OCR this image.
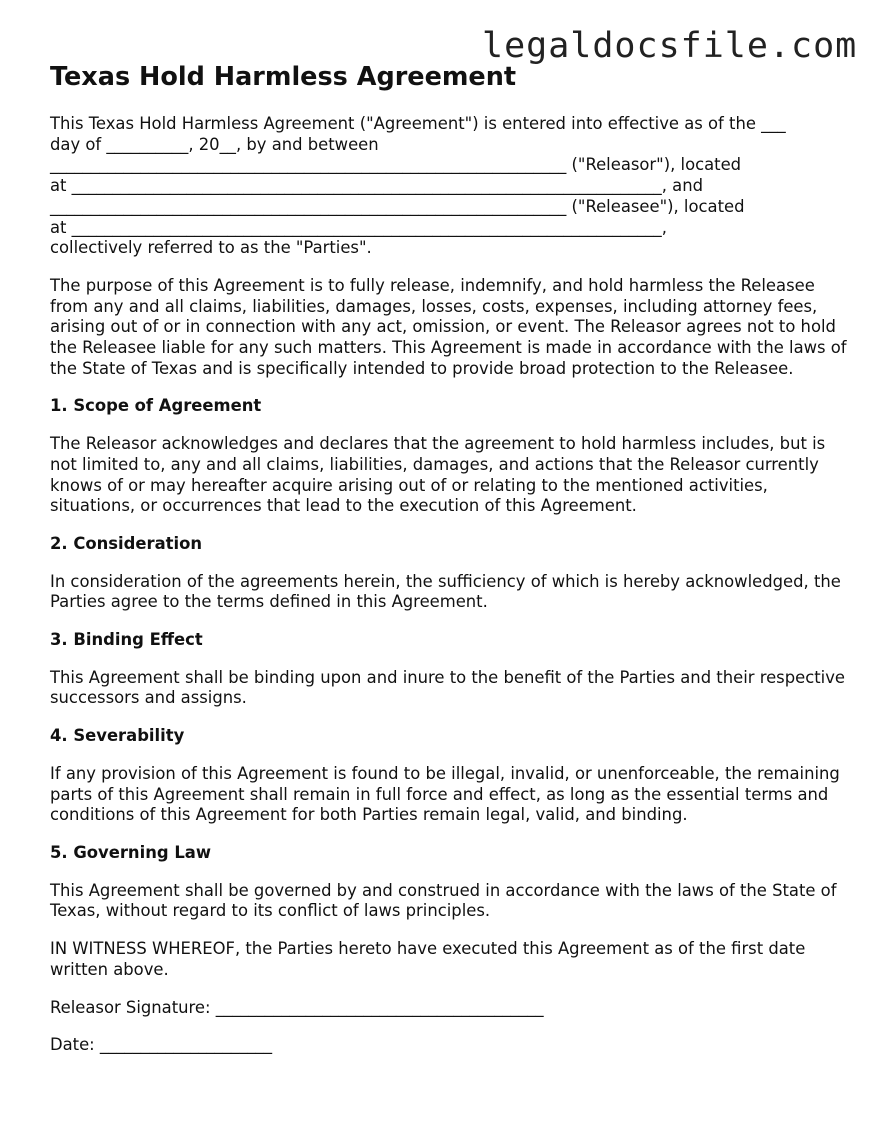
legaldocsfile.com
Texas Hold Harmless Agreement

This Texas Hold Harmless Agreement ("Agreement") is entered into effective as of the ___
day of __________, 20__, by and between
_______________________________________________________________ ("Releasor"), located
at ________________________________________________________________________, and
_______________________________________________________________ ("Releasee"), located
at ________________________________________________________________________,
collectively referred to as the "Parties".

The purpose of this Agreement is to fully release, indemnify, and hold harmless the Releasee from any and all claims, liabilities, damages, losses, costs, expenses, including attorney fees, arising out of or in connection with any act, omission, or event. The Releasor agrees not to hold the Releasee liable for any such matters. This Agreement is made in accordance with the laws of the State of Texas and is specifically intended to provide broad protection to the Releasee.

1. Scope of Agreement

The Releasor acknowledges and declares that the agreement to hold harmless includes, but is not limited to, any and all claims, liabilities, damages, and actions that the Releasor currently knows of or may hereafter acquire arising out of or relating to the mentioned activities, situations, or occurrences that lead to the execution of this Agreement.

2. Consideration

In consideration of the agreements herein, the sufficiency of which is hereby acknowledged, the Parties agree to the terms defined in this Agreement.

3. Binding Effect

This Agreement shall be binding upon and inure to the benefit of the Parties and their respective successors and assigns.

4. Severability

If any provision of this Agreement is found to be illegal, invalid, or unenforceable, the remaining parts of this Agreement shall remain in full force and effect, as long as the essential terms and conditions of this Agreement for both Parties remain legal, valid, and binding.

5. Governing Law

This Agreement shall be governed by and construed in accordance with the laws of the State of Texas, without regard to its conflict of laws principles.

IN WITNESS WHEREOF, the Parties hereto have executed this Agreement as of the first date written above.

Releasor Signature: ________________________________________

Date: _____________________
